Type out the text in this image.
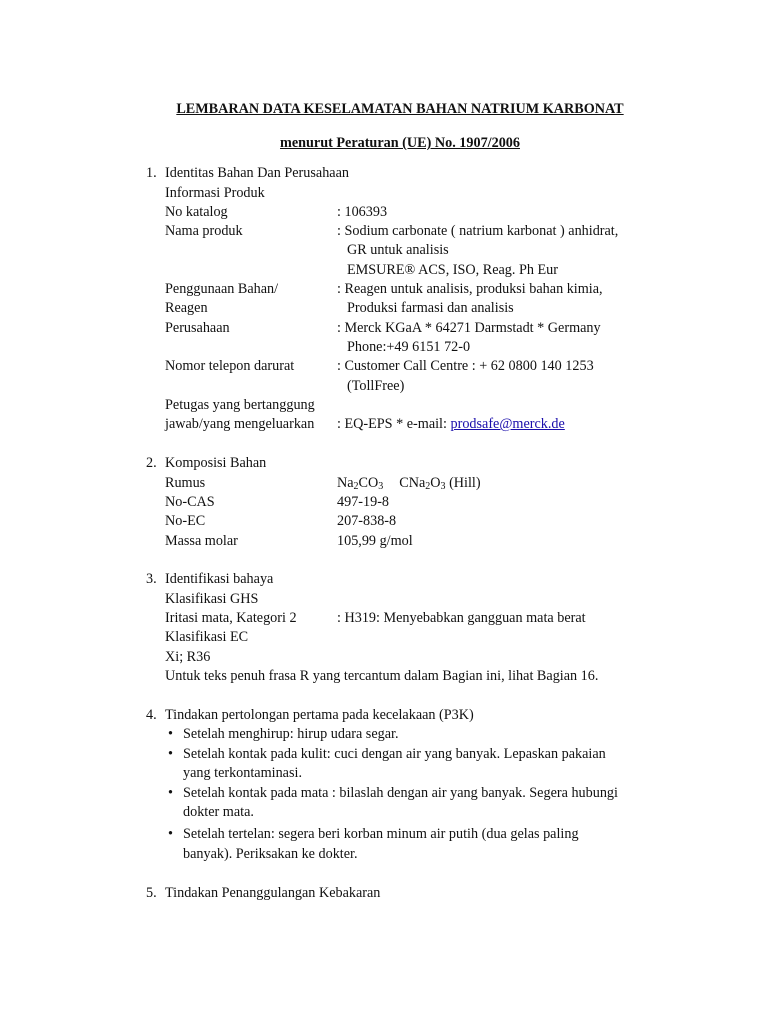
LEMBARAN DATA KESELAMATAN BAHAN NATRIUM KARBONAT
menurut Peraturan (UE) No. 1907/2006
1. Identitas Bahan Dan Perusahaan
Informasi Produk
No katalog	: 106393
Nama produk	: Sodium carbonate ( natrium karbonat ) anhidrat,
GR untuk analisis
EMSURE® ACS, ISO, Reag. Ph Eur
Penggunaan Bahan/	: Reagen untuk analisis, produksi bahan kimia,
Reagen	Produksi farmasi dan analisis
Perusahaan	: Merck KGaA * 64271 Darmstadt * Germany
Phone:+49 6151 72-0
Nomor telepon darurat	: Customer Call Centre : + 62 0800 140 1253
(TollFree)
Petugas yang bertanggung
jawab/yang mengeluarkan : EQ-EPS * e-mail: prodsafe@merck.de
2. Komposisi Bahan
Rumus	$Na_2CO_3$ $CNa_2O_3$ (Hill)
No-CAS	497-19-8
No-EC	207-838-8
Massa molar	105,99 g/mol
3. Identifikasi bahaya
Klasifikasi GHS
Iritasi mata, Kategori 2	: H319: Menyebabkan gangguan mata berat
Klasifikasi EC
Xi; R36
Untuk teks penuh frasa R yang tercantum dalam Bagian ini, lihat Bagian 16.
4. Tindakan pertolongan pertama pada kecelakaan (P3K)
• Setelah menghirup: hirup udara segar.
• Setelah kontak pada kulit: cuci dengan air yang banyak. Lepaskan pakaian
yang terkontaminasi.
• Setelah kontak pada mata : bilaslah dengan air yang banyak. Segera hubungi
dokter mata.
• Setelah tertelan: segera beri korban minum air putih (dua gelas paling
banyak). Periksakan ke dokter.
5. Tindakan Penanggulangan Kebakaran
